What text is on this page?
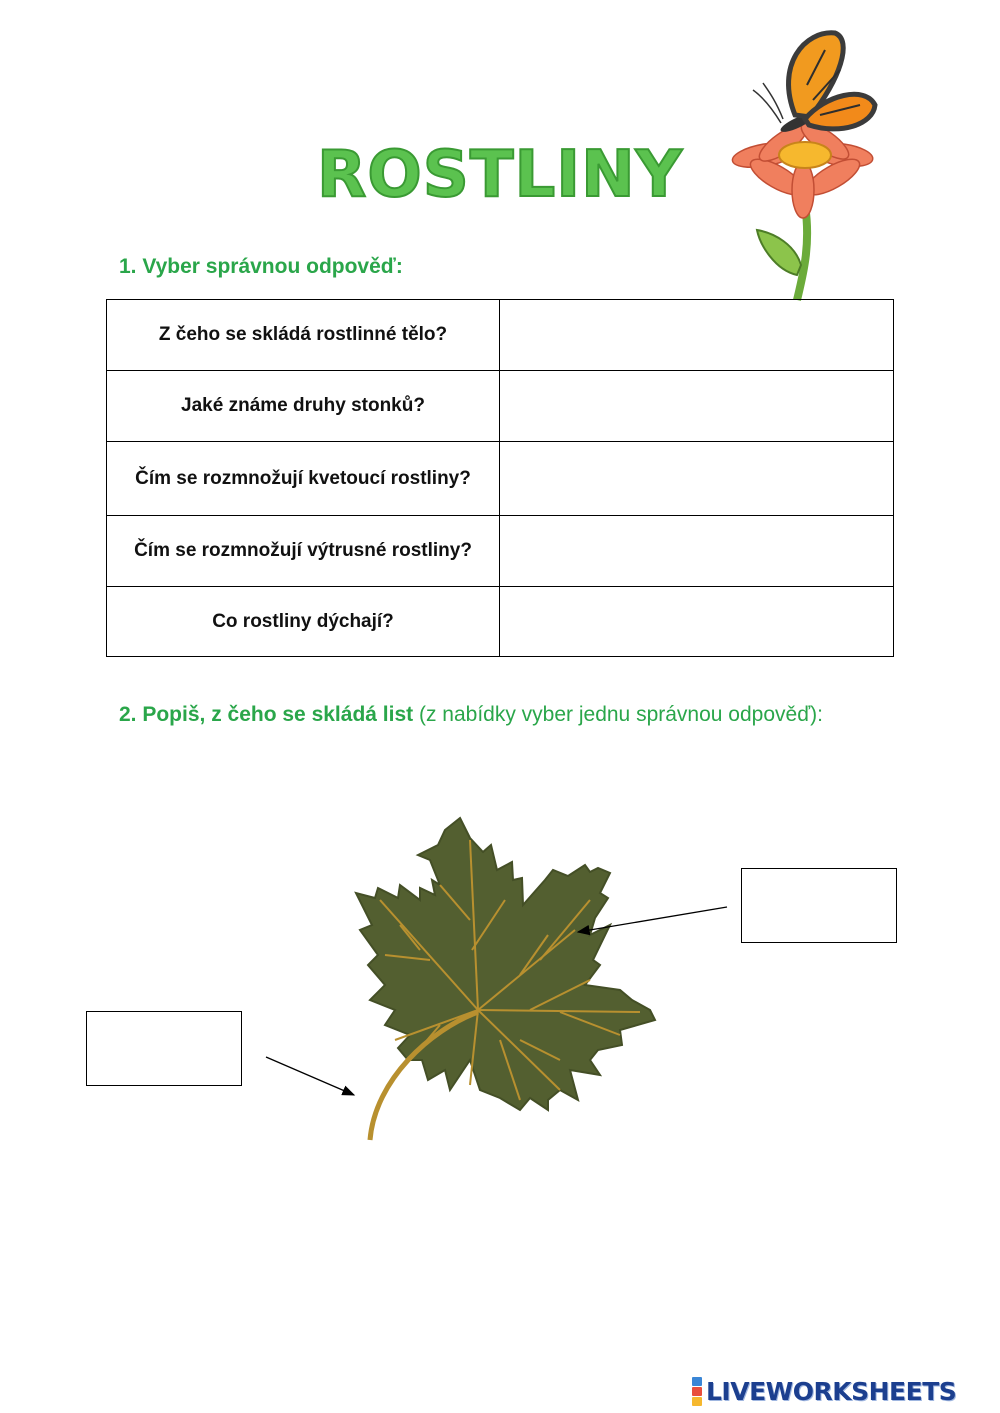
ROSTLINY
1. Vyber správnou odpověď:
Z čeho se skládá rostlinné tělo?	
Jaké známe druhy stonků?	
Čím se rozmnožují kvetoucí rostliny?	
Čím se rozmnožují výtrusné rostliny?	
Co rostliny dýchají?	
2. Popiš, z čeho se skládá list (z nabídky vyber jednu správnou odpověď):
LIVEWORKSHEETS
